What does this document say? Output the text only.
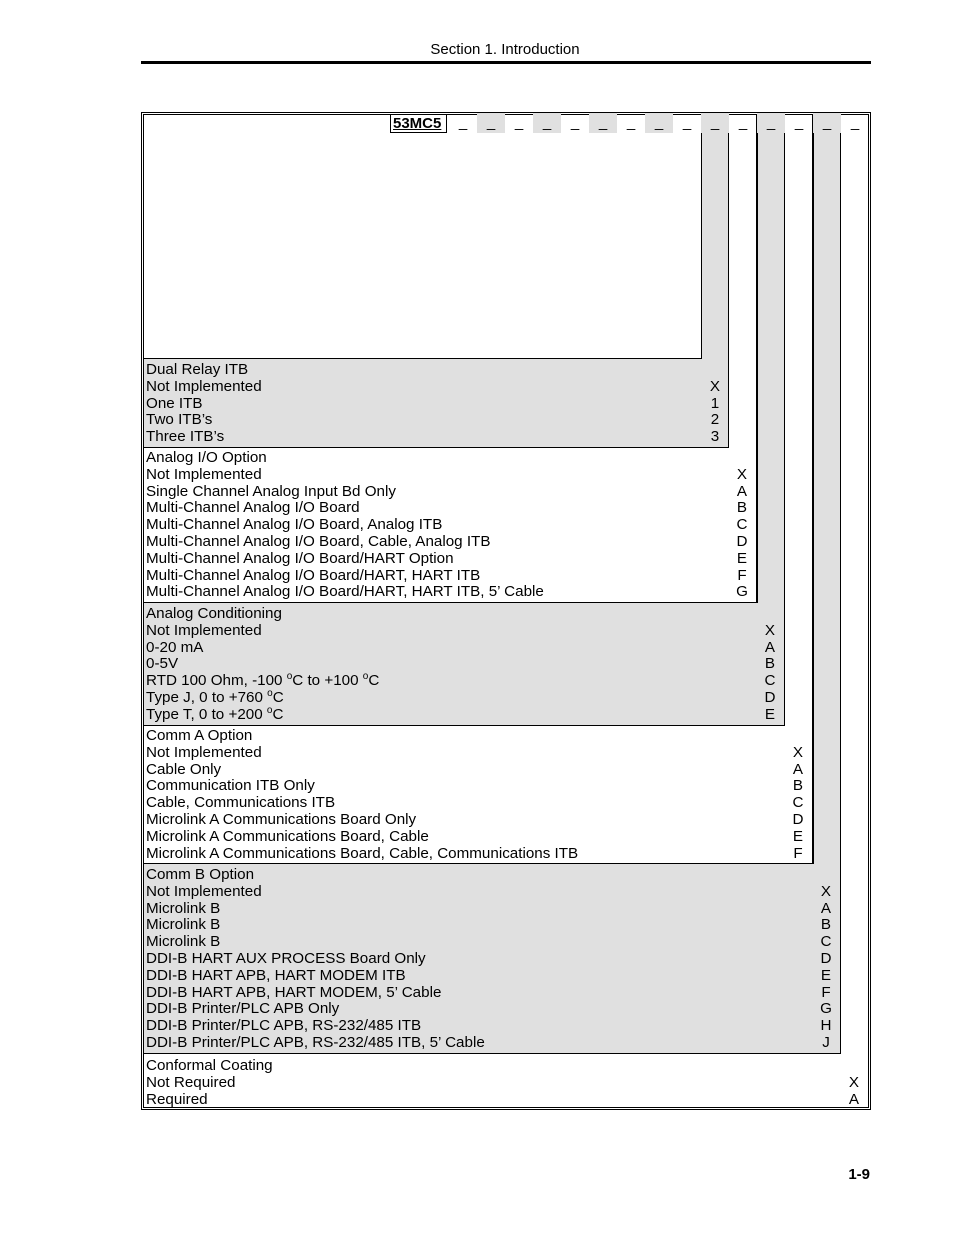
Section 1. Introduction
53MC5	_	_	_	_	_	_	_	_	_	_	_	_	_	_	_
Dual Relay ITB
Not Implemented	X
One ITB	1
Two ITB’s	2
Three ITB’s	3
Analog I/O Option
Not Implemented	X
Single Channel Analog Input Bd Only	A
Multi-Channel Analog I/O Board	B
Multi-Channel Analog I/O Board, Analog ITB	C
Multi-Channel Analog I/O Board, Cable, Analog ITB	D
Multi-Channel Analog I/O Board/HART Option	E
Multi-Channel Analog I/O Board/HART, HART ITB	F
Multi-Channel Analog I/O Board/HART, HART ITB, 5’ Cable	G
Analog Conditioning
Not Implemented	X
0-20 mA	A
0-5V	B
RTD 100 Ohm, -100 $^o$C to +100 $^o$C	C
Type J, 0 to +760 $^o$C	D
Type T, 0 to +200 $^o$C	E
Comm A Option
Not Implemented	X
Cable Only	A
Communication ITB Only	B
Cable, Communications ITB	C
Microlink A Communications Board Only	D
Microlink A Communications Board, Cable	E
Microlink A Communications Board, Cable, Communications ITB	F
Comm B Option
Not Implemented	X
Microlink B	A
Microlink B	B
Microlink B	C
DDI-B HART AUX PROCESS Board Only	D
DDI-B HART APB, HART MODEM ITB	E
DDI-B HART APB, HART MODEM, 5’ Cable	F
DDI-B Printer/PLC APB Only	G
DDI-B Printer/PLC APB, RS-232/485 ITB	H
DDI-B Printer/PLC APB, RS-232/485 ITB, 5’ Cable	J
Conformal Coating
Not Required	X
Required	A
1-9
